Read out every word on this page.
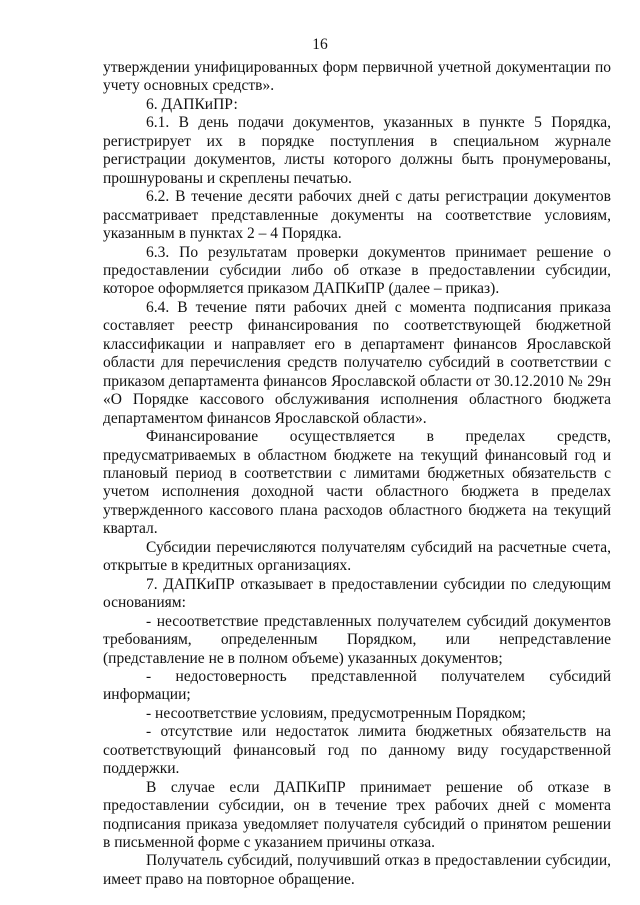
16

утверждении унифицированных форм первичной учетной документации по учету основных средств».

6. ДАПКиПР:

6.1. В день подачи документов, указанных в пункте 5 Порядка, регистрирует их в порядке поступления в специальном журнале регистрации документов, листы которого должны быть пронумерованы, прошнурованы и скреплены печатью.

6.2. В течение десяти рабочих дней с даты регистрации документов рассматривает представленные документы на соответствие условиям, указанным в пунктах 2 – 4 Порядка.

6.3. По результатам проверки документов принимает решение о предоставлении субсидии либо об отказе в предоставлении субсидии, которое оформляется приказом ДАПКиПР (далее – приказ).

6.4. В течение пяти рабочих дней с момента подписания приказа составляет реестр финансирования по соответствующей бюджетной классификации и направляет его в департамент финансов Ярославской области для перечисления средств получателю субсидий в соответствии с приказом департамента финансов Ярославской области от 30.12.2010 № 29н «О Порядке кассового обслуживания исполнения областного бюджета департаментом финансов Ярославской области».

Финансирование осуществляется в пределах средств, предусматриваемых в областном бюджете на текущий финансовый год и плановый период в соответствии с лимитами бюджетных обязательств с учетом исполнения доходной части областного бюджета в пределах утвержденного кассового плана расходов областного бюджета на текущий квартал.

Субсидии перечисляются получателям субсидий на расчетные счета, открытые в кредитных организациях.

7. ДАПКиПР отказывает в предоставлении субсидии по следующим основаниям:

- несоответствие представленных получателем субсидий документов требованиям, определенным Порядком, или непредставление (представление не в полном объеме) указанных документов;

- недостоверность представленной получателем субсидий информации;

- несоответствие условиям, предусмотренным Порядком;

- отсутствие или недостаток лимита бюджетных обязательств на соответствующий финансовый год по данному виду государственной поддержки.

В случае если ДАПКиПР принимает решение об отказе в предоставлении субсидии, он в течение трех рабочих дней с момента подписания приказа уведомляет получателя субсидий о принятом решении в письменной форме с указанием причины отказа.

Получатель субсидий, получивший отказ в предоставлении субсидии, имеет право на повторное обращение.
